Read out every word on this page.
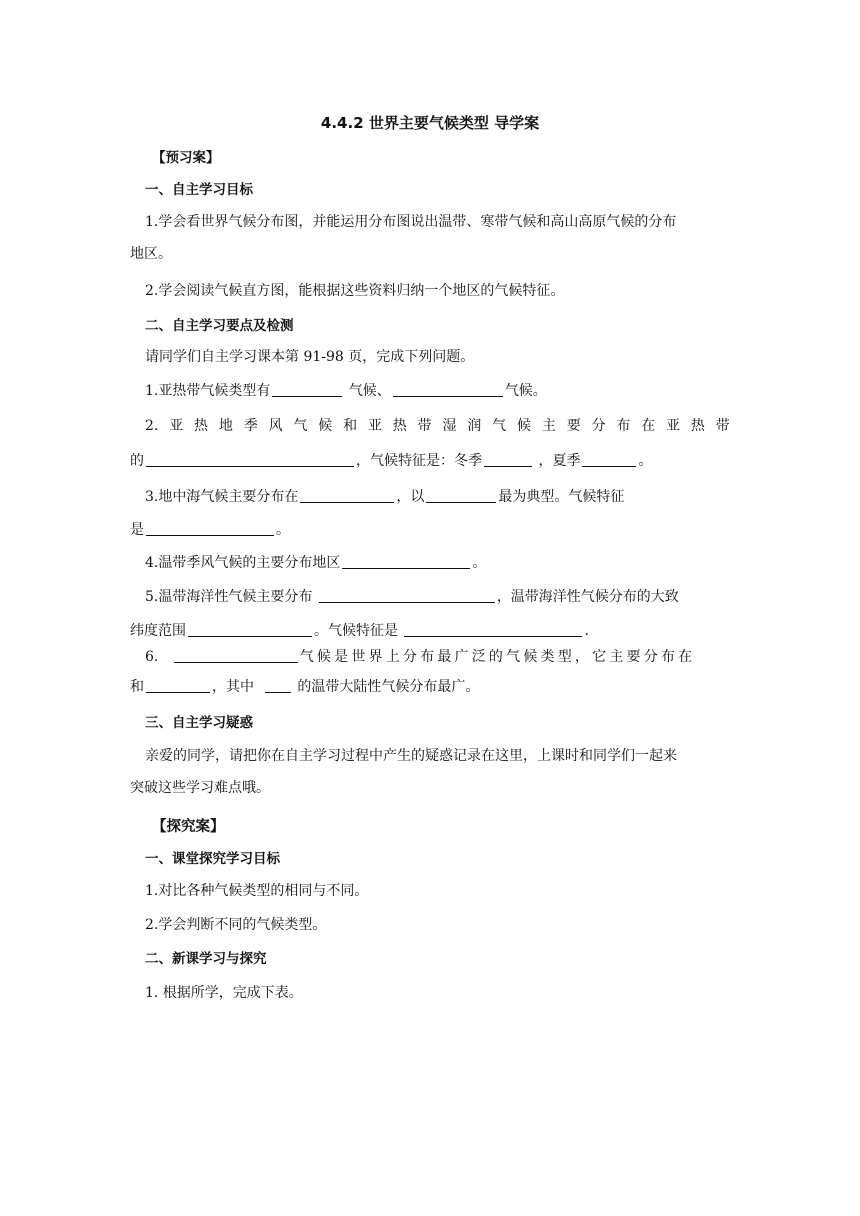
4.4.2 世界主要气候类型 导学案
【预习案】
一、自主学习目标
1.学会看世界气候分布图，并能运用分布图说出温带、寒带气候和高山高原气候的分布
地区。
2.学会阅读气候直方图，能根据这些资料归纳一个地区的气候特征。
二、自主学习要点及检测
请同学们自主学习课本第 91-98 页，完成下列问题。
1.亚热带气候类型有	气候、	气候。
2. 亚 热 地 季 风 气 候 和 亚 热 带 湿 润 气 候 主 要 分 布 在 亚 热 带
的	，气候特征是：冬季	，夏季	。
3.地中海气候主要分布在	，以	最为典型。气候特征
是	。
4.温带季风气候的主要分布地区	。
5.温带海洋性气候主要分布	，温带海洋性气候分布的大致
纬度范围	。气候特征是	.
6.	气候是世界上分布最广泛的气候类型，它主要分布在
和	，其中	的温带大陆性气候分布最广。
三、自主学习疑惑
亲爱的同学，请把你在自主学习过程中产生的疑惑记录在这里，上课时和同学们一起来
突破这些学习难点哦。
【探究案】
一、课堂探究学习目标
1.对比各种气候类型的相同与不同。
2.学会判断不同的气候类型。
二、新课学习与探究
1. 根据所学，完成下表。
